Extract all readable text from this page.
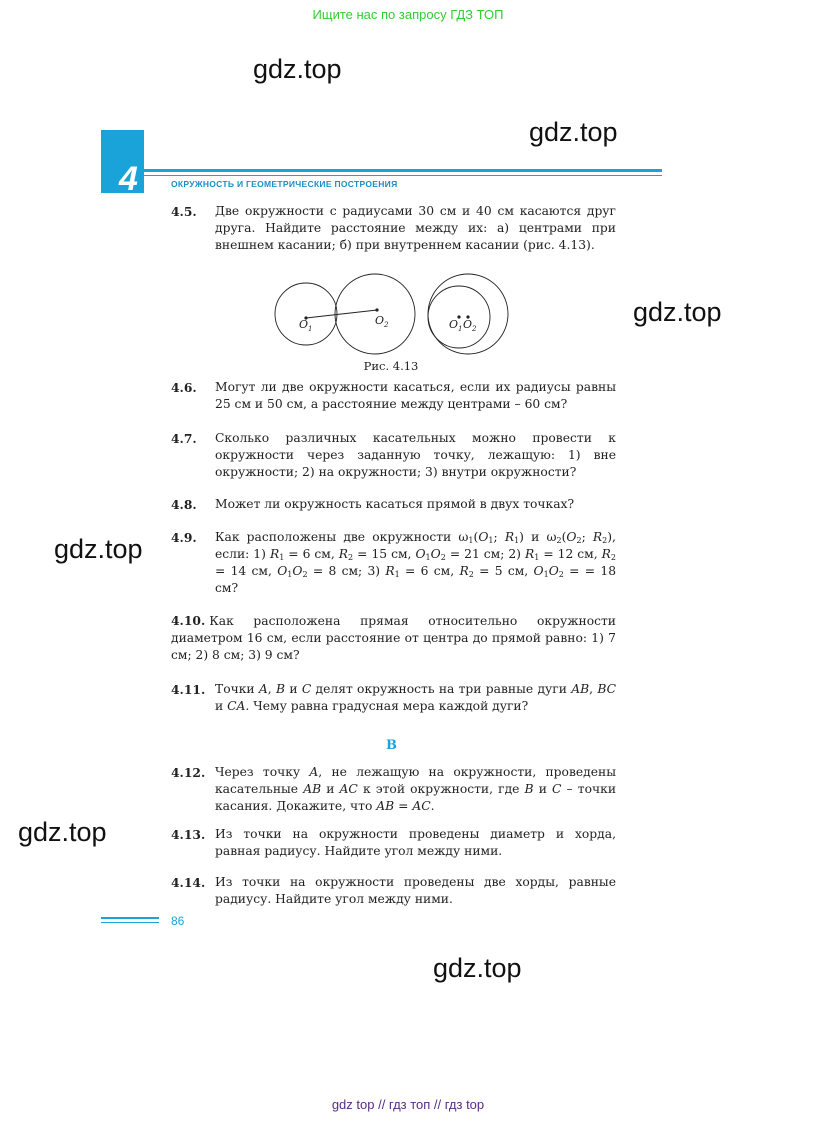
Ищите нас по запросу ГДЗ ТОП
gdz.top
gdz.top
gdz.top
gdz.top
gdz.top
gdz.top
4	ОКРУЖНОСТЬ И ГЕОМЕТРИЧЕСКИЕ ПОСТРОЕНИЯ
4.5.	Две окружности с радиусами 30 см и 40 см касаются друг друга. Найдите расстояние между их: а) центрами при внешнем касании; б) при внутреннем касании (рис. 4.13).
$O_1$
$O_2$	$O_1$ $O_2$
Рис. 4.13
4.6.	Могут ли две окружности касаться, если их радиусы равны 25 см и 50 см, а расстояние между центрами – 60 см?
4.7.	Сколько различных касательных можно провести к окружности через заданную точку, лежащую: 1) вне окружности; 2) на окружности; 3) внутри окружности?
4.8.	Может ли окружность касаться прямой в двух точках?
4.9.	Как расположены две окружности $\omega_1(O_1$; $R_1$) и $\omega_2(O_2$; $R_2$), если: 1) $R_1 = 6$ см, $R_2 = 15$ см, $O_1O_2 = 21$ см; 2) $R_1 = 12$ см, $R_2 = 14$ см, $O_1O_2 = 8$ см; 3) $R_1 = 6$ см, $R_2 = 5$ см, $O_1O_2$ = = 18 см?
4.10. Как расположена прямая относительно окружности диаметром 16 см, если расстояние от центра до прямой равно: 1) 7 см; 2) 8 см; 3) 9 см?
4.11. Точки A, B и C делят окружность на три равные дуги AB, BC и CA. Чему равна градусная мера каждой дуги?
B
4.12. Через точку A, не лежащую на окружности, проведены касательные AB и AC к этой окружности, где B и C – точки касания. Докажите, что AB = AC.
4.13. Из точки на окружности проведены диаметр и хорда, равная радиусу. Найдите угол между ними.
4.14. Из точки на окружности проведены две хорды, равные радиусу. Найдите угол между ними.
86
gdz top // гдз топ // гдз top
